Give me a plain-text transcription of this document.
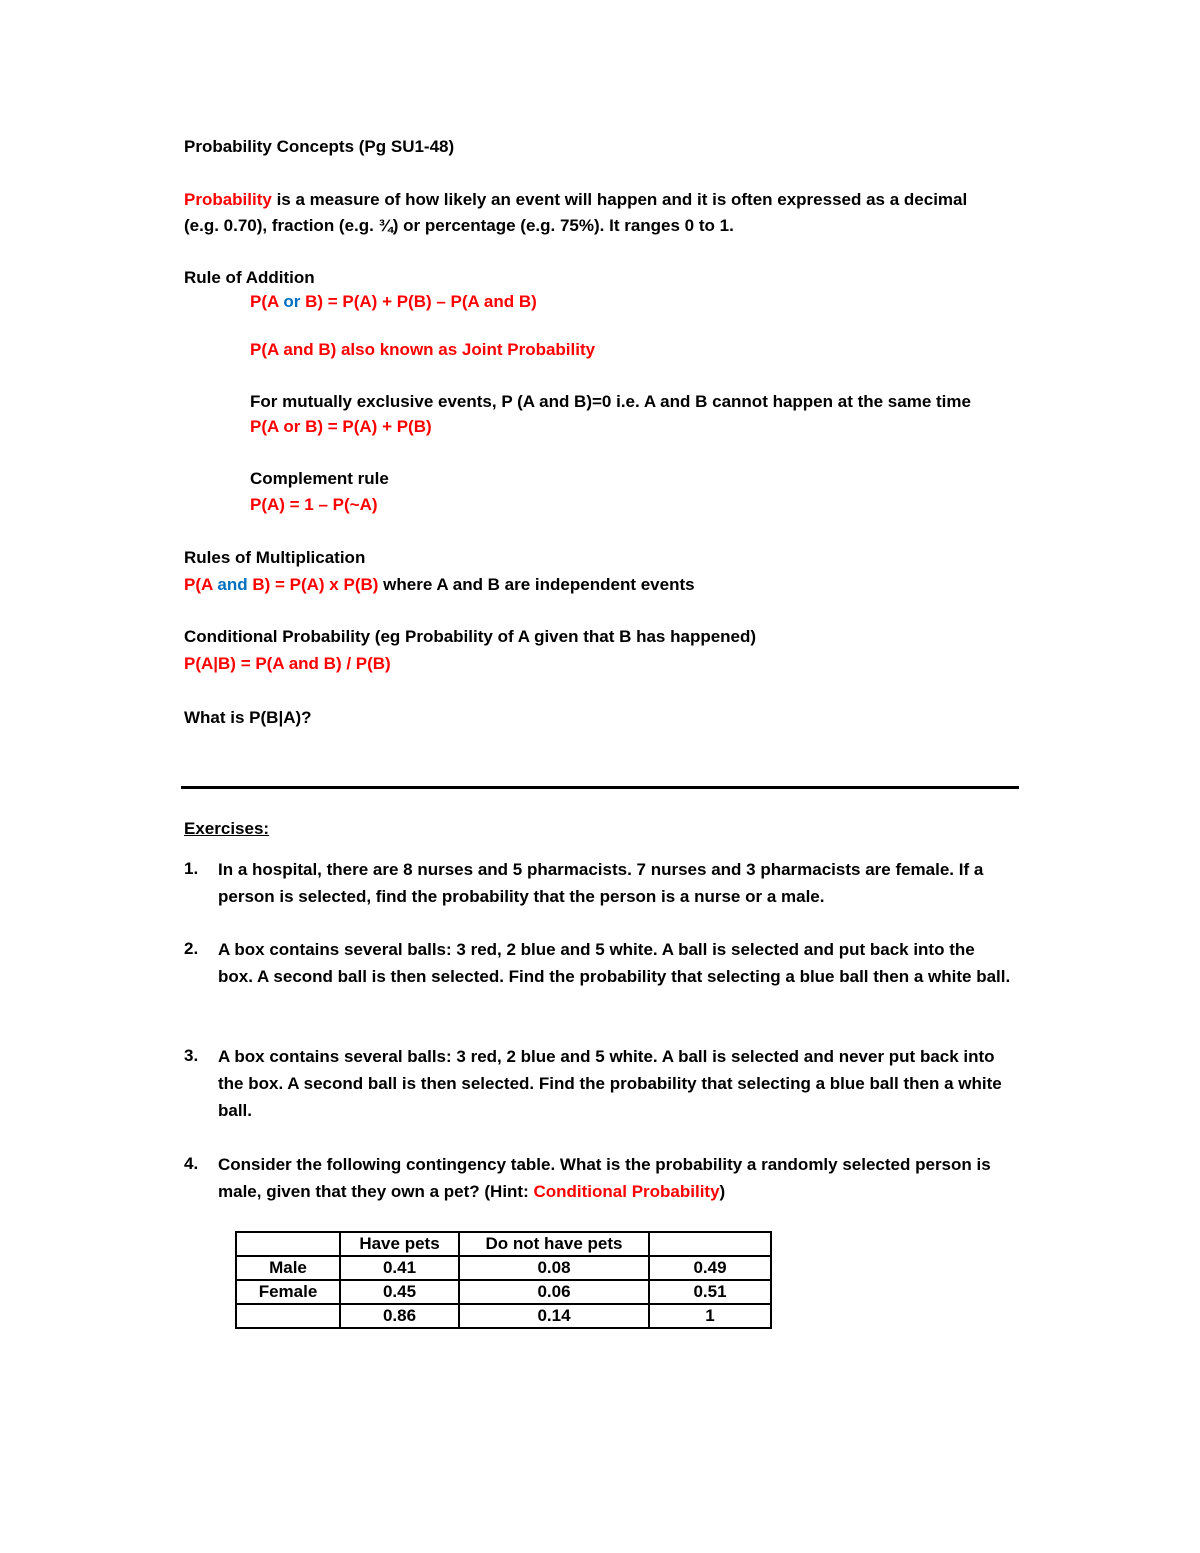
Probability Concepts (Pg SU1-48)
Probability is a measure of how likely an event will happen and it is often expressed as a decimal
(e.g. 0.70), fraction (e.g. ¾) or percentage (e.g. 75%). It ranges 0 to 1.
Rule of Addition
P(A or B) = P(A) + P(B) – P(A and B)
P(A and B) also known as Joint Probability
For mutually exclusive events, P (A and B)=0 i.e. A and B cannot happen at the same time
P(A or B) = P(A) + P(B)
Complement rule
P(A) = 1 – P(~A)
Rules of Multiplication
P(A and B) = P(A) x P(B) where A and B are independent events
Conditional Probability (eg Probability of A given that B has happened)
P(A|B) = P(A and B) / P(B)
What is P(B|A)?
Exercises:
1.	In a hospital, there are 8 nurses and 5 pharmacists. 7 nurses and 3 pharmacists are female. If a person is selected, find the probability that the person is a nurse or a male.
2.	A box contains several balls: 3 red, 2 blue and 5 white. A ball is selected and put back into the box. A second ball is then selected. Find the probability that selecting a blue ball then a white ball.
3.	A box contains several balls: 3 red, 2 blue and 5 white. A ball is selected and never put back into the box. A second ball is then selected. Find the probability that selecting a blue ball then a white ball.
4.	Consider the following contingency table. What is the probability a randomly selected person is male, given that they own a pet? (Hint: Conditional Probability)
	Have pets	Do not have pets	
Male	0.41	0.08	0.49
Female	0.45	0.06	0.51
	0.86	0.14	1
